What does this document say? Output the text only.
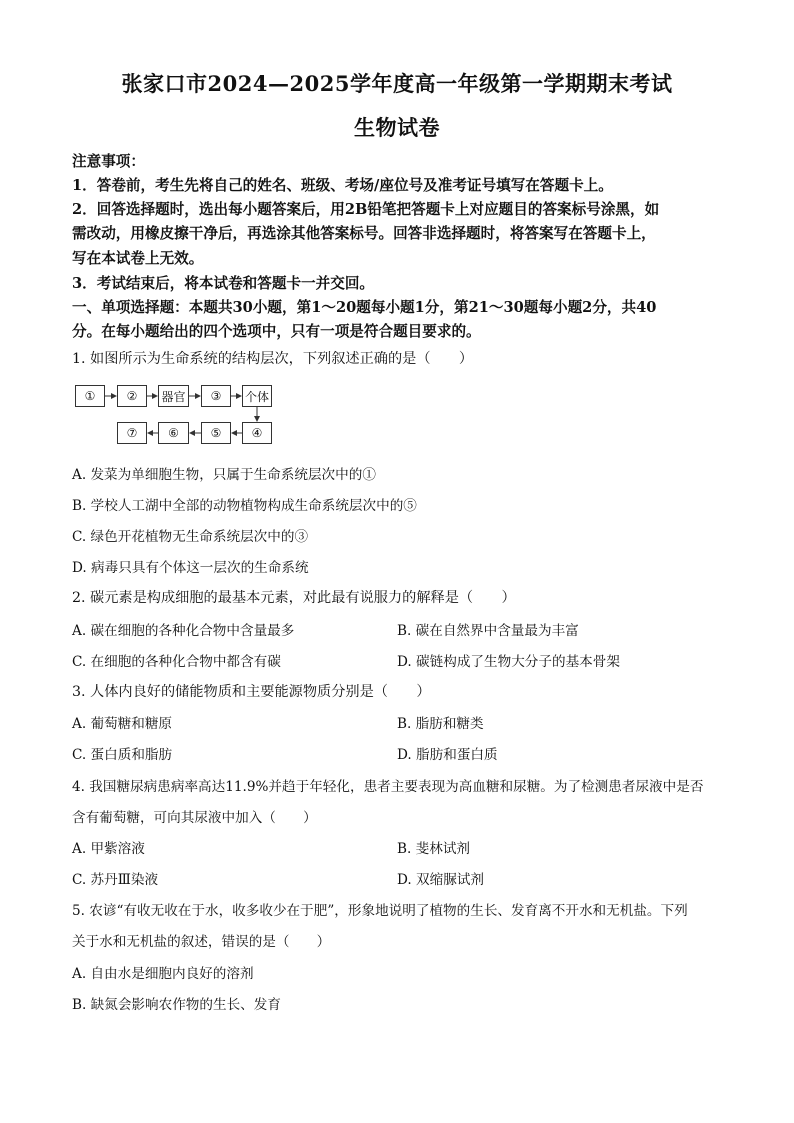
张家口市2024—2025学年度高一年级第一学期期末考试
生物试卷
注意事项：
1．答卷前，考生先将自己的姓名、班级、考场/座位号及准考证号填写在答题卡上。
2．回答选择题时，选出每小题答案后，用2B铅笔把答题卡上对应题目的答案标号涂黑，如
需改动，用橡皮擦干净后，再选涂其他答案标号。回答非选择题时，将答案写在答题卡上，
写在本试卷上无效。
3．考试结束后，将本试卷和答题卡一并交回。
一、单项选择题：本题共30小题，第1～20题每小题1分，第21～30题每小题2分，共40
分。在每小题给出的四个选项中，只有一项是符合题目要求的。
1. 如图所示为生命系统的结构层次，下列叙述正确的是（　　）
①	②	器官	③	个体
⑦	⑥	⑤	④
A. 发菜为单细胞生物，只属于生命系统层次中的①
B. 学校人工湖中全部的动物植物构成生命系统层次中的⑤
C. 绿色开花植物无生命系统层次中的③
D. 病毒只具有个体这一层次的生命系统
2. 碳元素是构成细胞的最基本元素，对此最有说服力的解释是（　　）
A. 碳在细胞的各种化合物中含量最多	B. 碳在自然界中含量最为丰富
C. 在细胞的各种化合物中都含有碳	D. 碳链构成了生物大分子的基本骨架
3. 人体内良好的储能物质和主要能源物质分别是（　　）
A. 葡萄糖和糖原	B. 脂肪和糖类
C. 蛋白质和脂肪	D. 脂肪和蛋白质
4. 我国糖尿病患病率高达11.9%并趋于年轻化，患者主要表现为高血糖和尿糖。为了检测患者尿液中是否
含有葡萄糖，可向其尿液中加入（　　）
A. 甲紫溶液	B. 斐林试剂
C. 苏丹Ⅲ染液	D. 双缩脲试剂
5. 农谚“有收无收在于水，收多收少在于肥”，形象地说明了植物的生长、发育离不开水和无机盐。下列
关于水和无机盐的叙述，错误的是（　　）
A. 自由水是细胞内良好的溶剂
B. 缺氮会影响农作物的生长、发育
